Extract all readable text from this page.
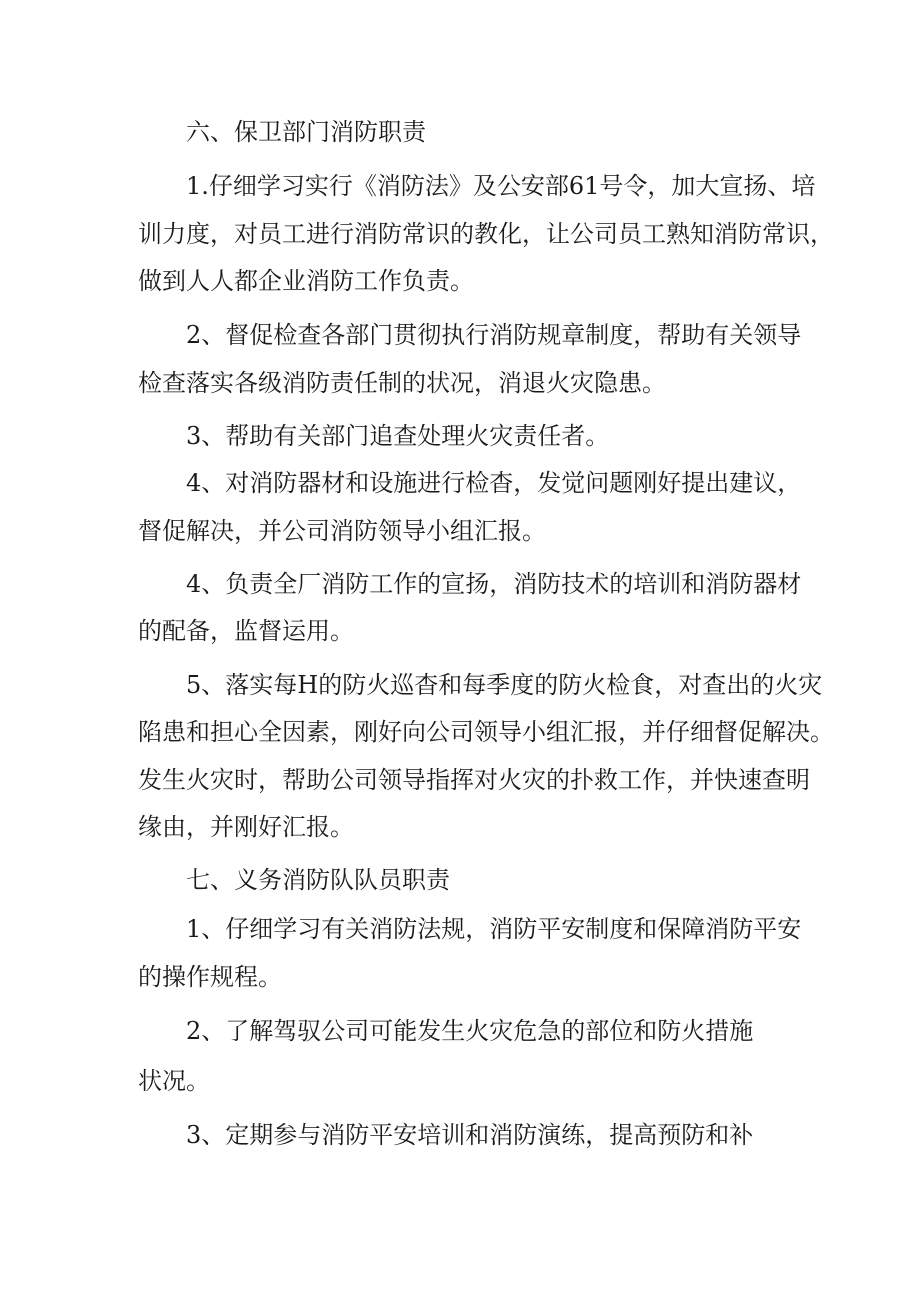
六、保卫部门消防职责
1.仔细学习实行《消防法》及公安部61号令，加大宣扬、培
训力度，对员工进行消防常识的教化，让公司员工熟知消防常识，
做到人人都企业消防工作负责。
2、督促检查各部门贯彻执行消防规章制度，帮助有关领导
检查落实各级消防责任制的状况，消退火灾隐患。
3、帮助有关部门追查处理火灾责任者。
4、对消防器材和设施进行检杳，发觉问题刚好提出建议，
督促解决，并公司消防领导小组汇报。
4、负责全厂消防工作的宣扬，消防技术的培训和消防器材
的配备，监督运用。
5、落实每H的防火巡杳和每季度的防火检食，对查出的火灾
陷患和担心全因素，刚好向公司领导小组汇报，并仔细督促解决。
发生火灾时，帮助公司领导指挥对火灾的扑救工作，并快速查明
缘由，并刚好汇报。
七、义务消防队队员职责
1、仔细学习有关消防法规，消防平安制度和保障消防平安
的操作规程。
2、了解驾驭公司可能发生火灾危急的部位和防火措施
状况。
3、定期参与消防平安培训和消防演练，提高预防和补
